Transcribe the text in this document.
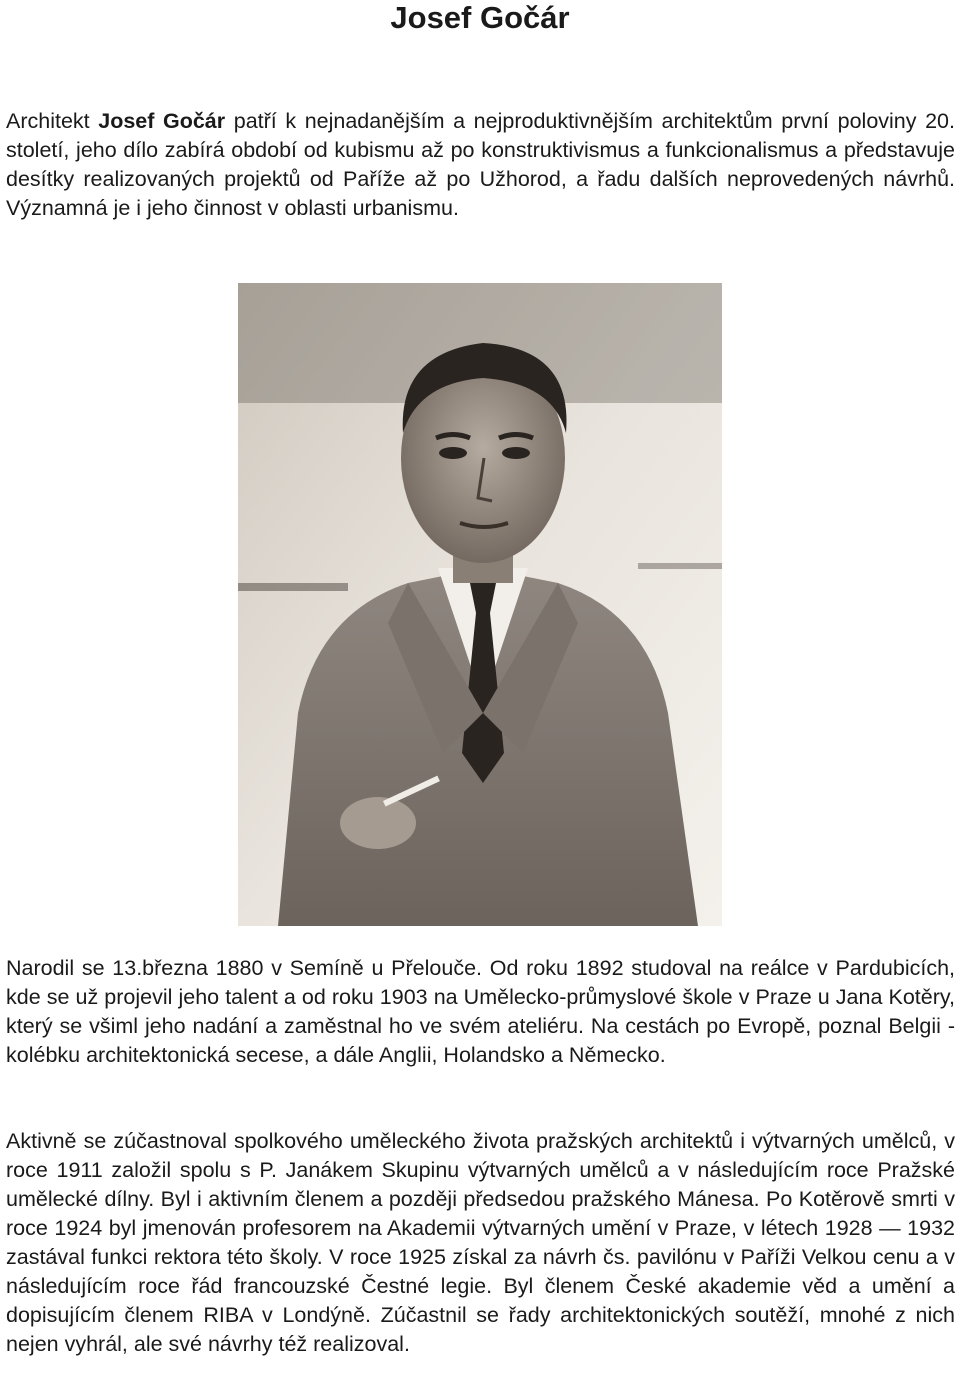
Josef Gočár

Architekt Josef Gočár patří k nejnadanějším a nejproduktivnějším architektům první poloviny 20. století, jeho dílo zabírá období od kubismu až po konstruktivismus a funkcionalismus a představuje desítky realizovaných projektů od Paříže až po Užhorod, a řadu dalších neprovedených návrhů. Významná je i jeho činnost v oblasti urbanismu.

Narodil se 13.března 1880 v Semíně u Přelouče. Od roku 1892 studoval na reálce v Pardubicích, kde se už projevil jeho talent a od roku 1903 na Umělecko-průmyslové škole v Praze u Jana Kotěry, který se všiml jeho nadání a zaměstnal ho ve svém ateliéru. Na cestách po Evropě, poznal Belgii - kolébku architektonická secese, a dále Anglii, Holandsko a Německo.

Aktivně se zúčastnoval spolkového uměleckého života pražských architektů i výtvarných umělců, v roce 1911 založil spolu s P. Janákem Skupinu výtvarných umělců a v následujícím roce Pražské umělecké dílny. Byl i aktivním členem a později předsedou pražského Mánesa. Po Kotěrově smrti v roce 1924 byl jmenován profesorem na Akademii výtvarných umění v Praze, v létech 1928 — 1932 zastával funkci rektora této školy. V roce 1925 získal za návrh čs. pavilónu v Paříži Velkou cenu a v následujícím roce řád francouzské Čestné legie. Byl členem České akademie věd a umění a dopisujícím členem RIBA v Londýně. Zúčastnil se řady architektonických soutěží, mnohé z nich nejen vyhrál, ale své návrhy též realizoval.
